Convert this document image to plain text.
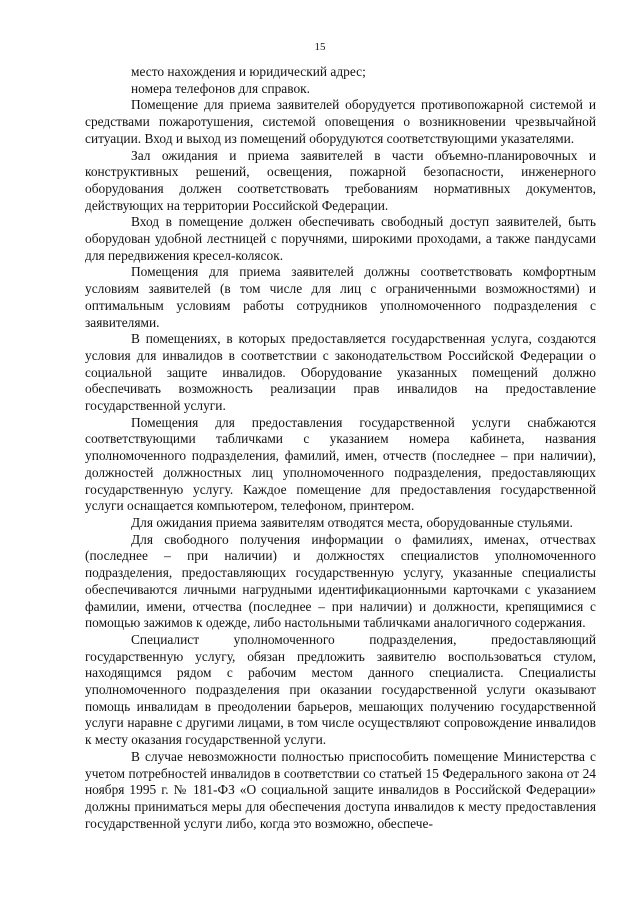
15

место нахождения и юридический адрес;

номера телефонов для справок.

Помещение для приема заявителей оборудуется противопожарной системой и средствами пожаротушения, системой оповещения о возникновении чрезвычайной ситуации. Вход и выход из помещений оборудуются соответствующими указателями.

Зал ожидания и приема заявителей в части объемно-планировочных и конструктивных решений, освещения, пожарной безопасности, инженерного оборудования должен соответствовать требованиям нормативных документов, действующих на территории Российской Федерации.

Вход в помещение должен обеспечивать свободный доступ заявителей, быть оборудован удобной лестницей с поручнями, широкими проходами, а также пандусами для передвижения кресел-колясок.

Помещения для приема заявителей должны соответствовать комфортным условиям заявителей (в том числе для лиц с ограниченными возможностями) и оптимальным условиям работы сотрудников уполномоченного подразделения с заявителями.

В помещениях, в которых предоставляется государственная услуга, создаются условия для инвалидов в соответствии с законодательством Российской Федерации о социальной защите инвалидов. Оборудование указанных помещений должно обеспечивать возможность реализации прав инвалидов на предоставление государственной услуги.

Помещения для предоставления государственной услуги снабжаются соответствующими табличками с указанием номера кабинета, названия уполномоченного подразделения, фамилий, имен, отчеств (последнее – при наличии), должностей должностных лиц уполномоченного подразделения, предоставляющих государственную услугу. Каждое помещение для предоставления государственной услуги оснащается компьютером, телефоном, принтером.

Для ожидания приема заявителям отводятся места, оборудованные стульями.

Для свободного получения информации о фамилиях, именах, отчествах (последнее – при наличии) и должностях специалистов уполномоченного подразделения, предоставляющих государственную услугу, указанные специалисты обеспечиваются личными нагрудными идентификационными карточками с указанием фамилии, имени, отчества (последнее – при наличии) и должности, крепящимися с помощью зажимов к одежде, либо настольными табличками аналогичного содержания.

Специалист уполномоченного подразделения, предоставляющий государственную услугу, обязан предложить заявителю воспользоваться стулом, находящимся рядом с рабочим местом данного специалиста. Специалисты уполномоченного подразделения при оказании государственной услуги оказывают помощь инвалидам в преодолении барьеров, мешающих получению государственной услуги наравне с другими лицами, в том числе осуществляют сопровождение инвалидов к месту оказания государственной услуги.

В случае невозможности полностью приспособить помещение Министерства с учетом потребностей инвалидов в соответствии со статьей 15 Федерального закона от 24 ноября 1995 г. № 181-ФЗ «О социальной защите инвалидов в Российской Федерации» должны приниматься меры для обеспечения доступа инвалидов к месту предоставления государственной услуги либо, когда это возможно, обеспече-
